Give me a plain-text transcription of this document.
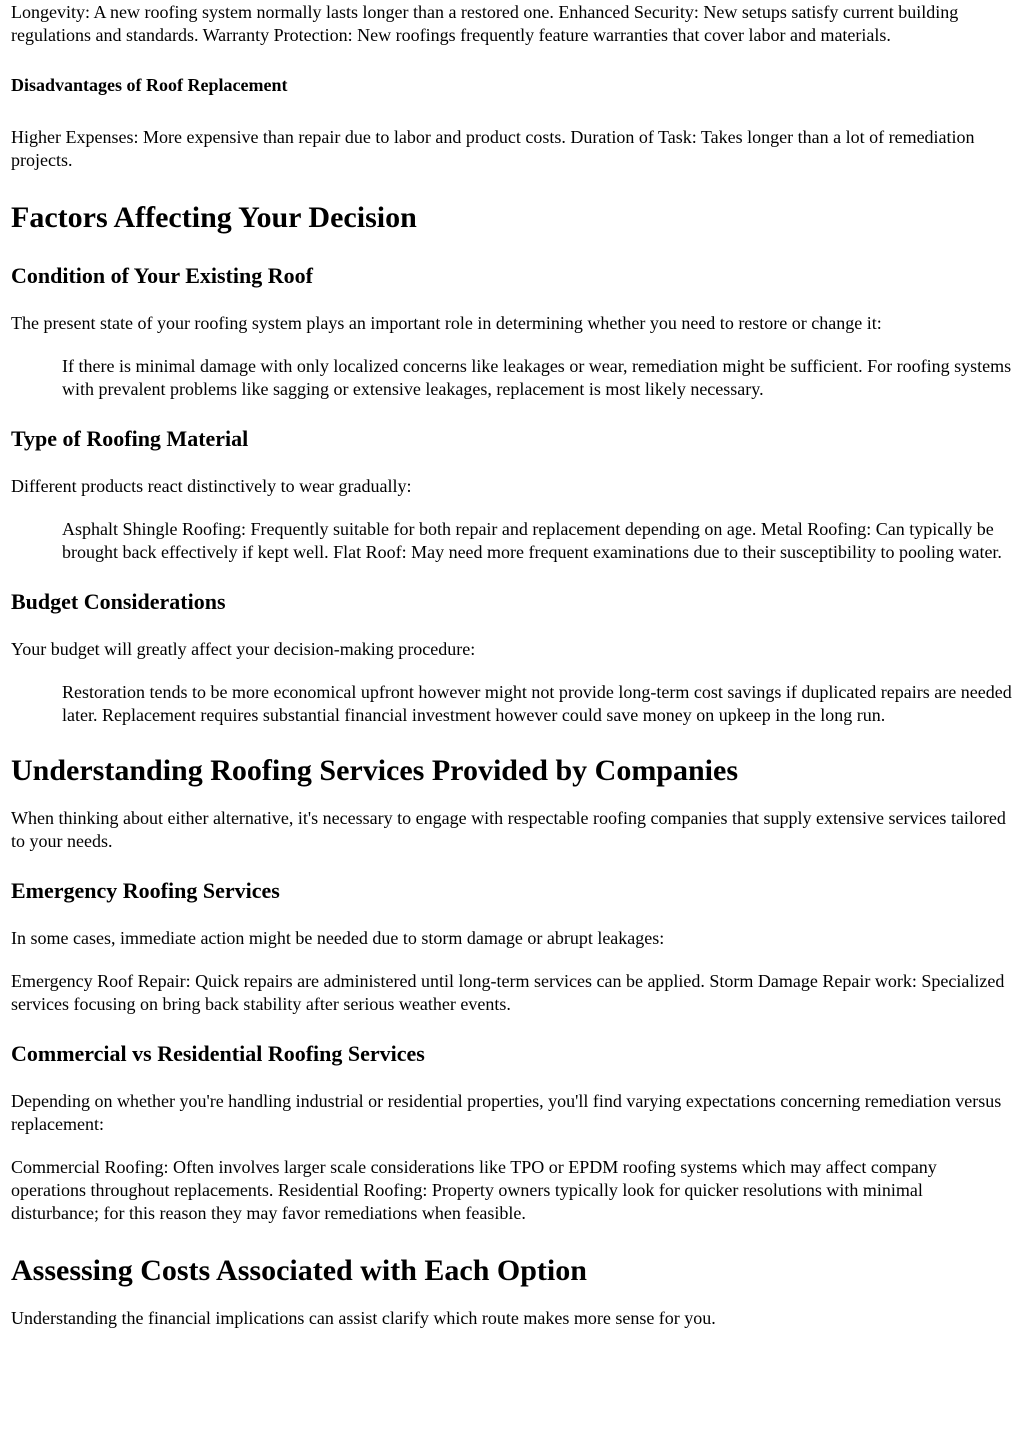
Longevity: A new roofing system normally lasts longer than a restored one. Enhanced Security: New setups satisfy current building regulations and standards. Warranty Protection: New roofings frequently feature warranties that cover labor and materials.

Disadvantages of Roof Replacement

Higher Expenses: More expensive than repair due to labor and product costs. Duration of Task: Takes longer than a lot of remediation projects.

Factors Affecting Your Decision
Condition of Your Existing Roof

The present state of your roofing system plays an important role in determining whether you need to restore or change it:

If there is minimal damage with only localized concerns like leakages or wear, remediation might be sufficient. For roofing systems with prevalent problems like sagging or extensive leakages, replacement is most likely necessary.
Type of Roofing Material

Different products react distinctively to wear gradually:

Asphalt Shingle Roofing: Frequently suitable for both repair and replacement depending on age. Metal Roofing: Can typically be brought back effectively if kept well. Flat Roof: May need more frequent examinations due to their susceptibility to pooling water.
Budget Considerations

Your budget will greatly affect your decision-making procedure:

Restoration tends to be more economical upfront however might not provide long-term cost savings if duplicated repairs are needed later. Replacement requires substantial financial investment however could save money on upkeep in the long run.
Understanding Roofing Services Provided by Companies

When thinking about either alternative, it's necessary to engage with respectable roofing companies that supply extensive services tailored to your needs.

Emergency Roofing Services

In some cases, immediate action might be needed due to storm damage or abrupt leakages:

Emergency Roof Repair: Quick repairs are administered until long-term services can be applied. Storm Damage Repair work: Specialized services focusing on bring back stability after serious weather events.

Commercial vs Residential Roofing Services

Depending on whether you're handling industrial or residential properties, you'll find varying expectations concerning remediation versus replacement:

Commercial Roofing: Often involves larger scale considerations like TPO or EPDM roofing systems which may affect company operations throughout replacements. Residential Roofing: Property owners typically look for quicker resolutions with minimal disturbance; for this reason they may favor remediations when feasible.

Assessing Costs Associated with Each Option

Understanding the financial implications can assist clarify which route makes more sense for you.
